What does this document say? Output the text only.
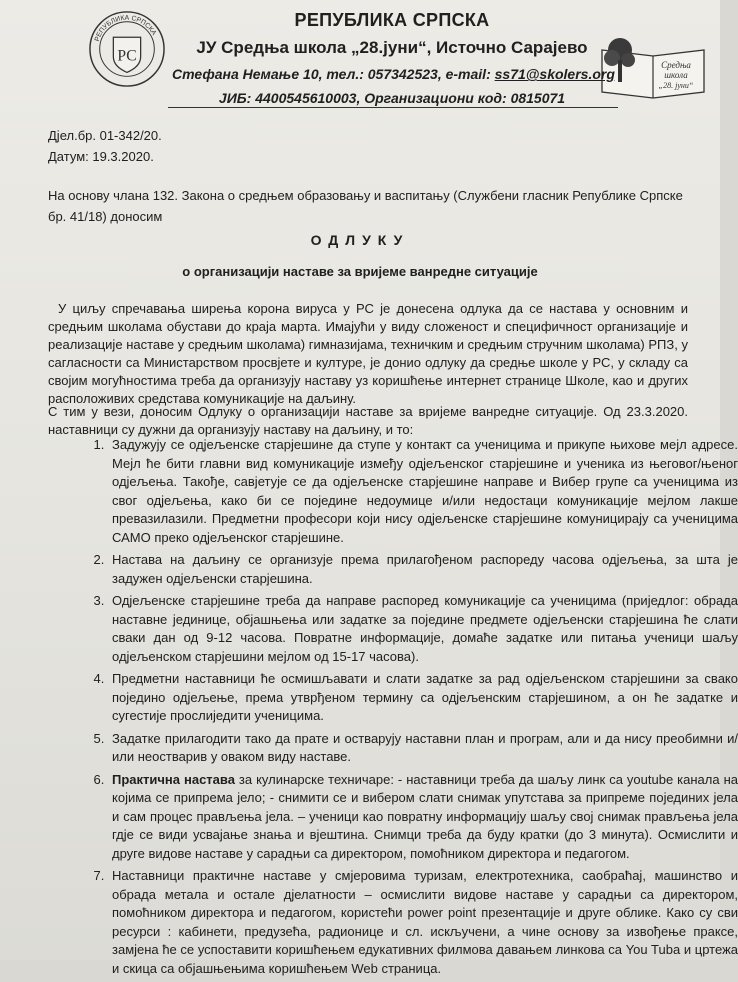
РС
РЕПУБЛИКА СРПСКА
Средња
школа
„28. јуни“
РЕПУБЛИКА СРПСКА
ЈУ Средња школа „28.јуни“, Источно Сарајево
Стефана Немање 10, тел.: 057342523, e-mail: ss71@skolers.org
ЈИБ: 4400545610003, Организациони код: 0815071
Дјел.бр. 01-342/20.
Датум: 19.3.2020.
На основу члана 132. Закона о средњем образовању и васпитању (Службени гласник Републике Српске бр. 41/18) доносим
ОДЛУКУ
о организацији наставе за вријеме ванредне ситуације
У циљу спречавања ширења корона вируса у РС је донесена одлука да се настава у основним и средњим школама обустави до краја марта. Имајући у виду сложеност и специфичност организације и реализације наставе у средњим школама) гимназијама, техничким и средњим стручним школама) РПЗ, у сагласности са Министарством просвјете и културе, је донио одлуку да средње школе у РС, у складу са својим могућностима треба да организују наставу уз коришћење интернет странице Школе, као и других расположивих средстава комуникације на даљину.
С тим у вези, доносим Одлуку о организацији наставе за вријеме ванредне ситуације. Од 23.3.2020. наставници су дужни да организују наставу на даљину, и то:
1. Задужују се одјељенске старјешине да ступе у контакт са ученицима и прикупе њихове мејл адресе. Мејл ће бити главни вид комуникације између одјељенског старјешине и ученика из његовог/њеног одјељења. Такође, савјетује се да одјељенске старјешине направе и Вибер групе са ученицима из свог одјељења, како би се поједине недоумице и/или недостаци комуникације мејлом лакше превазилазили. Предметни професори који нису одјељенске старјешине комуницирају са ученицима САМО преко одјељенског старјешине.
2. Настава на даљину се организује према прилагођеном распореду часова одјељења, за шта је задужен одјељенски старјешина.
3. Одјељенске старјешине треба да направе распоред комуникације са ученицима (приједлог: обрада наставне јединице, објашњења или задатке за поједине предмете одјељенски старјешина ће слати сваки дан од 9-12 часова. Повратне информације, домаће задатке или питања ученици шаљу одјељенском старјешини мејлом од 15-17 часова).
4. Предметни наставници ће осмишљавати и слати задатке за рад одјељенском старјешини за свако појединo одјељење, према утврђеном термину са одјељенским старјешином, а он ће задатке и сугестије прослиједити ученицима.
5. Задатке прилагодити тако да прате и остварују наставни план и програм, али и да нису преобимни и/или неостварив у овакoм виду наставе.
6. Практична настава за кулинарске техничаре: - наставници треба да шаљу линк са youtube канала на којима се припрема јело; - снимити се и вибером слати снимак упутстава за припреме појединих јела и сам процес прављења јела. – ученици као повратну информацију шаљу свој снимак прављења јела гдје се види усвајање знања и вјештина. Снимци треба да буду кратки (до 3 минута). Осмислити и друге видове наставе у сарадњи са директором, помоћником директора и педагогом.
7. Наставници практичне наставе у смјеровима туризам, електротехника, саобраћај, машинство и обрада метала и остале дјелатности – осмислити видове наставе у сарадњи са директором, помоћником директора и педагогом, користећи power point презентације и друге облике. Како су сви ресурси : кабинети, предузећа, радионице и сл. искључени, а чине основу за извођење праксе, замјена ће се успоставити коришћењем едукативних филмова давањем линкова са You Tuba и цртежа и скица са објашњењима коришћењем Web страница.
